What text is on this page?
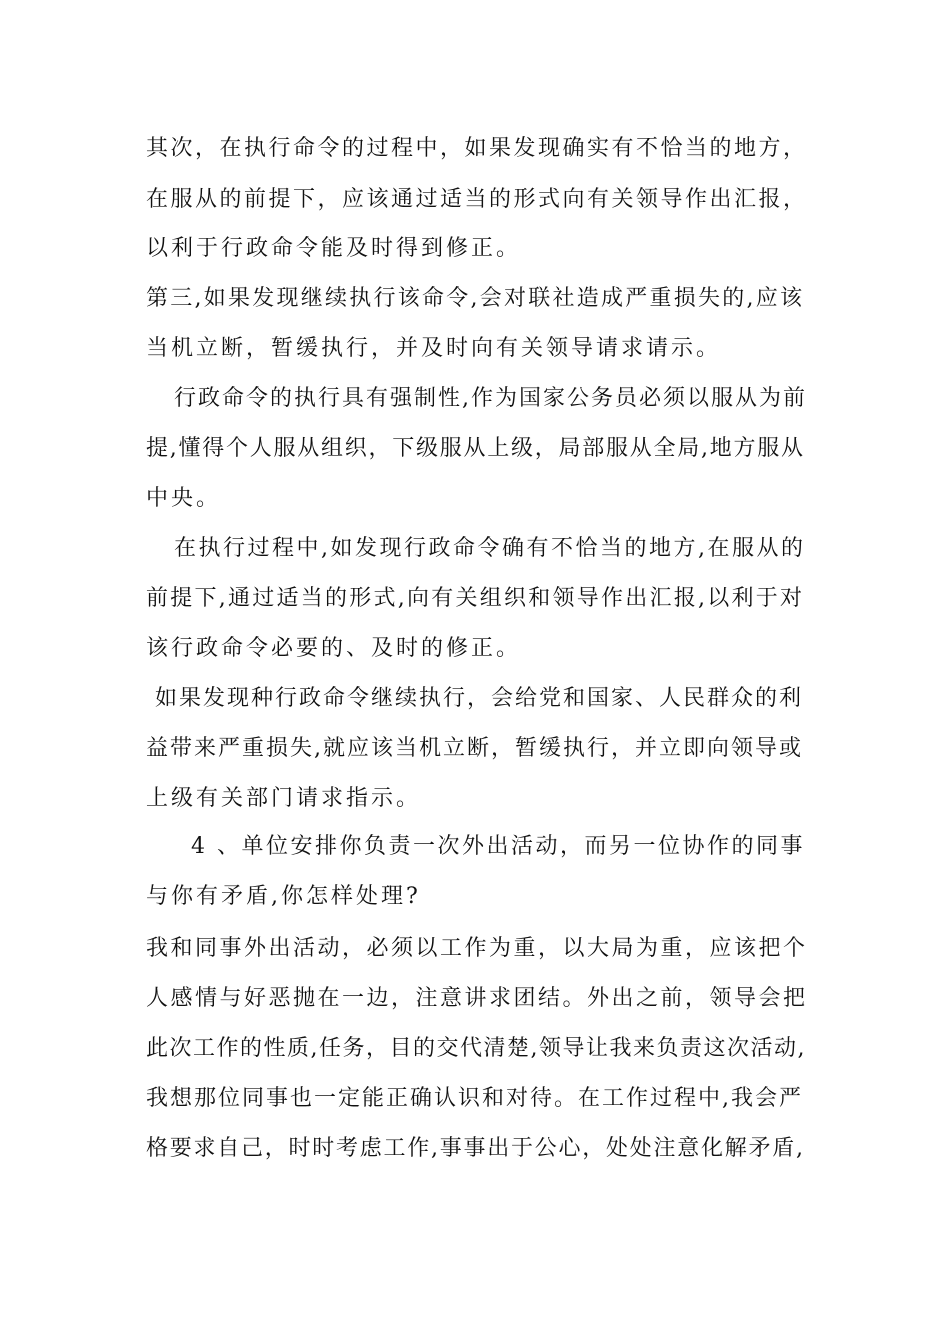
其次，在执行命令的过程中，如果发现确实有不恰当的地方，
在服从的前提下，应该通过适当的形式向有关领导作出汇报，
以利于行政命令能及时得到修正。
第三,如果发现继续执行该命令,会对联社造成严重损失的,应该
当机立断，暂缓执行，并及时向有关领导请求请示。
行政命令的执行具有强制性,作为国家公务员必须以服从为前
提,懂得个人服从组织，下级服从上级，局部服从全局,地方服从
中央。
在执行过程中,如发现行政命令确有不恰当的地方,在服从的
前提下,通过适当的形式,向有关组织和领导作出汇报,以利于对
该行政命令必要的、及时的修正。
如果发现种行政命令继续执行，会给党和国家、人民群众的利
益带来严重损失,就应该当机立断，暂缓执行，并立即向领导或
上级有关部门请求指示。
4 、单位安排你负责一次外出活动，而另一位协作的同事
与你有矛盾,你怎样处理?
我和同事外出活动，必须以工作为重，以大局为重，应该把个
人感情与好恶抛在一边，注意讲求团结。外出之前，领导会把
此次工作的性质,任务，目的交代清楚,领导让我来负责这次活动,
我想那位同事也一定能正确认识和对待。在工作过程中,我会严
格要求自己，时时考虑工作,事事出于公心，处处注意化解矛盾,
